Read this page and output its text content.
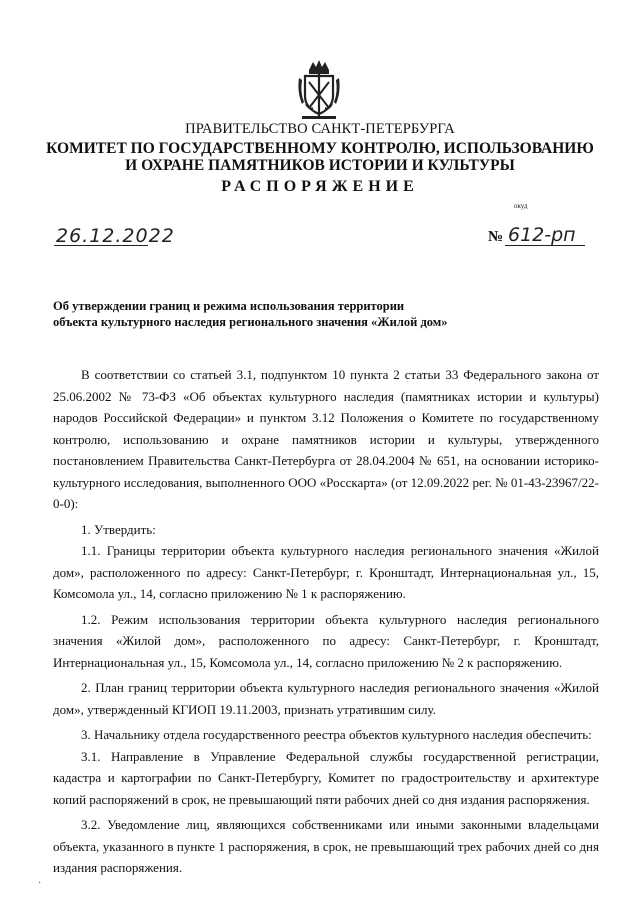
ПРАВИТЕЛЬСТВО САНКТ-ПЕТЕРБУРГА
КОМИТЕТ ПО ГОСУДАРСТВЕННОМУ КОНТРОЛЮ, ИСПОЛЬЗОВАНИЮ
И ОХРАНЕ ПАМЯТНИКОВ ИСТОРИИ И КУЛЬТУРЫ
РАСПОРЯЖЕНИЕ
окуд
26.12.2022	№ 612-рп
Об утверждении границ и режима использования территории
объекта культурного наследия регионального значения «Жилой дом»

В соответствии со статьей 3.1, подпунктом 10 пункта 2 статьи 33 Федерального закона от 25.06.2002 № 73-ФЗ «Об объектах культурного наследия (памятниках истории и культуры) народов Российской Федерации» и пунктом 3.12 Положения о Комитете по государственному контролю, использованию и охране памятников истории и культуры, утвержденного постановлением Правительства Санкт-Петербурга от 28.04.2004 № 651, на основании историко-культурного исследования, выполненного ООО «Росскарта» (от 12.09.2022 рег. № 01-43-23967/22-0-0):

1. Утвердить:

1.1. Границы территории объекта культурного наследия регионального значения «Жилой дом», расположенного по адресу: Санкт-Петербург, г. Кронштадт, Интернациональная ул., 15, Комсомола ул., 14, согласно приложению № 1 к распоряжению.

1.2. Режим использования территории объекта культурного наследия регионального значения «Жилой дом», расположенного по адресу: Санкт-Петербург, г. Кронштадт, Интернациональная ул., 15, Комсомола ул., 14, согласно приложению № 2 к распоряжению.

2. План границ территории объекта культурного наследия регионального значения «Жилой дом», утвержденный КГИОП 19.11.2003, признать утратившим силу.

3. Начальнику отдела государственного реестра объектов культурного наследия обеспечить:

3.1. Направление в Управление Федеральной службы государственной регистрации, кадастра и картографии по Санкт-Петербургу, Комитет по градостроительству и архитектуре копий распоряжений в срок, не превышающий пяти рабочих дней со дня издания распоряжения.

3.2. Уведомление лиц, являющихся собственниками или иными законными владельцами объекта, указанного в пункте 1 распоряжения, в срок, не превышающий трех рабочих дней со дня издания распоряжения.

·
